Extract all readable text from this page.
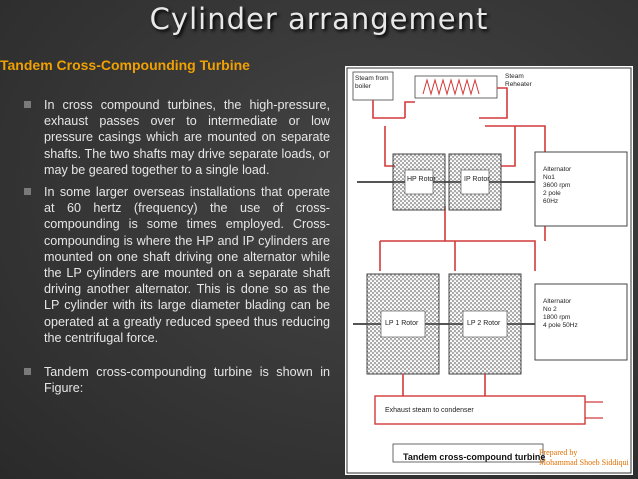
Cylinder arrangement
Tandem Cross-Compounding Turbine

In cross compound turbines, the high-pressure, exhaust passes over to intermediate or low pressure casings which are mounted on separate shafts. The two shafts may drive separate loads, or may be geared together to a single load.

In some larger overseas installations that operate at 60 hertz (frequency) the use of cross-compounding is some times employed. Cross-compounding is where the HP and IP cylinders are mounted on one shaft driving one alternator while the LP cylinders are mounted on a separate shaft driving another alternator. This is done so as the LP cylinder with its large diameter blading can be operated at a greatly reduced speed thus reducing the centrifugal force.

Tandem cross-compounding turbine is shown in Figure:

Steam from
boiler
Steam
Reheater
HP Rotor	IP Rotor
Alternator
No1
3600 rpm
2 pole
60Hz
LP 1 Rotor	LP 2 Rotor
Alternator
No 2
1800 rpm
4 pole 50Hz
Exhaust steam to condenser
Tandem cross-compound turbine
Prepared by
Mohammad Shoeb Siddiqui
